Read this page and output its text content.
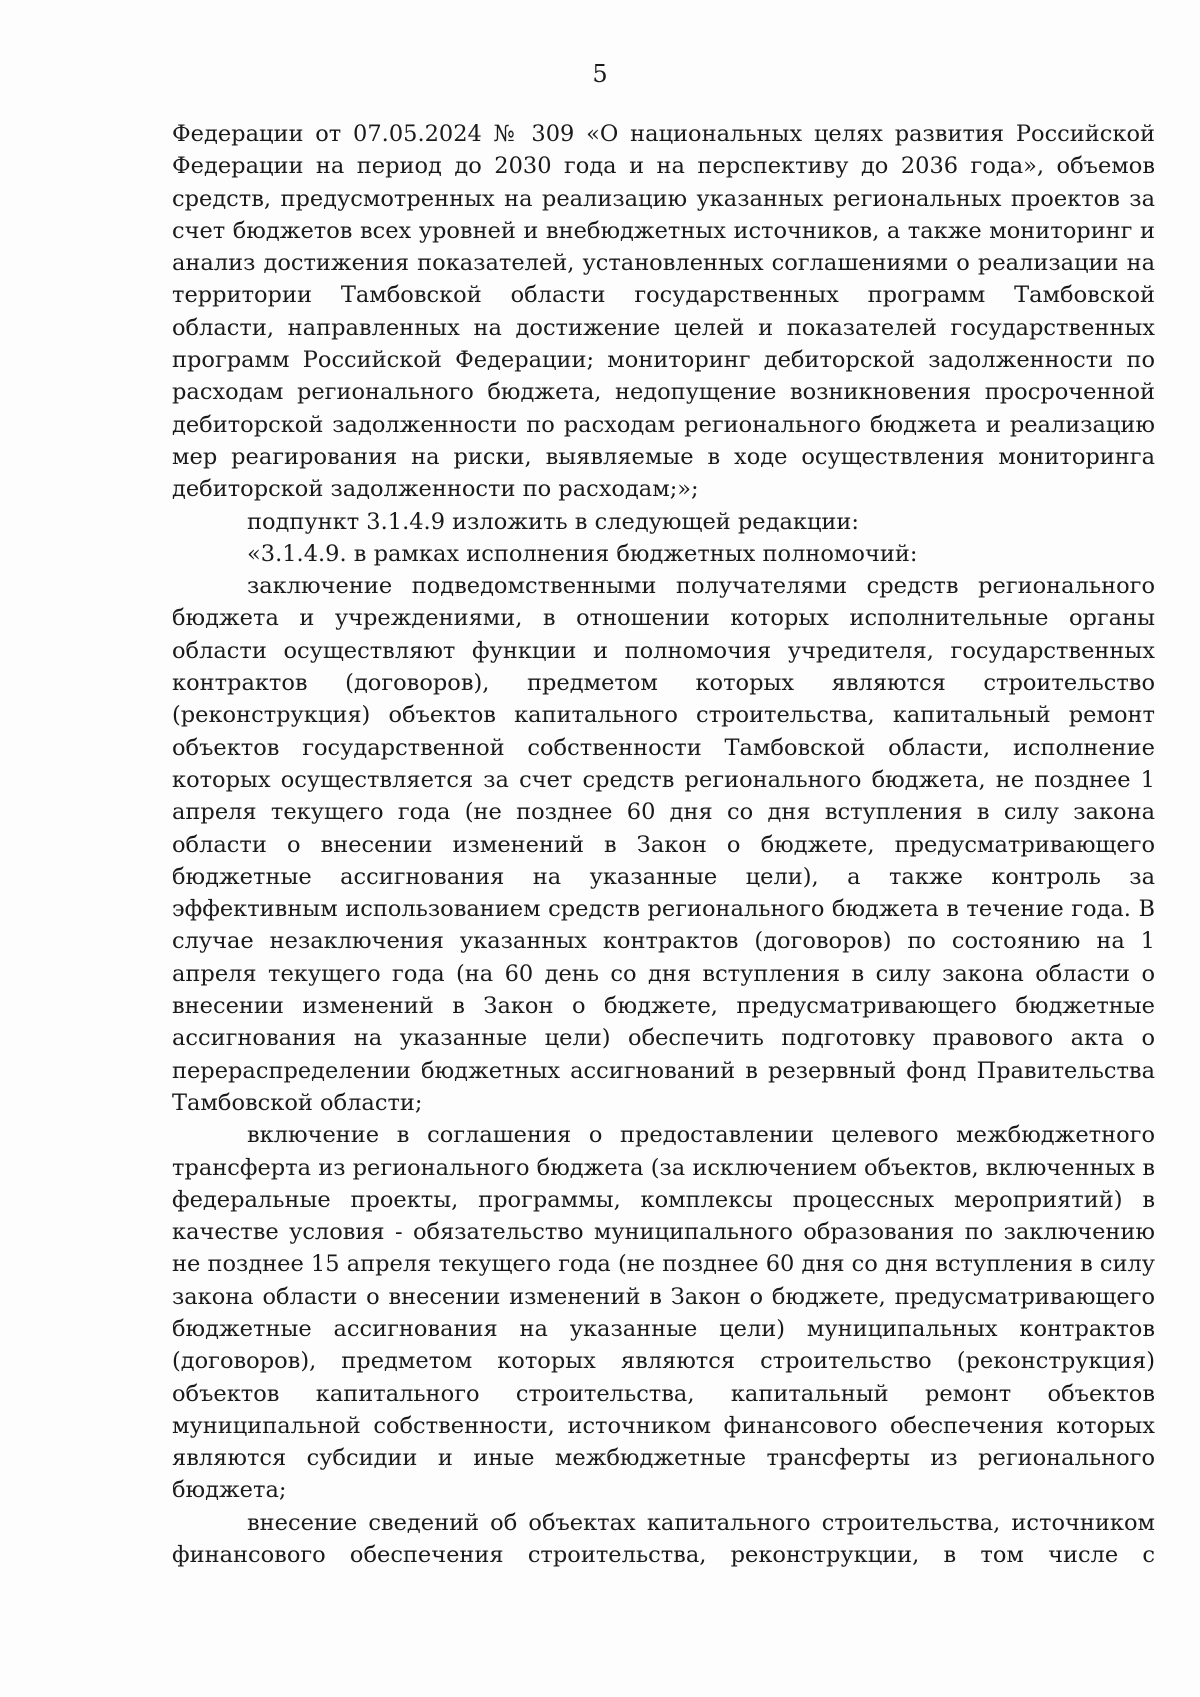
5

Федерации от 07.05.2024 № 309 «О национальных целях развития Российской Федерации на период до 2030 года и на перспективу до 2036 года», объемов средств, предусмотренных на реализацию указанных региональных проектов за счет бюджетов всех уровней и внебюджетных источников, а также мониторинг и анализ достижения показателей, установленных соглашениями о реализации на территории Тамбовской области государственных программ Тамбовской области, направленных на достижение целей и показателей государственных программ Российской Федерации; мониторинг дебиторской задолженности по расходам регионального бюджета, недопущение возникновения просроченной дебиторской задолженности по расходам регионального бюджета и реализацию мер реагирования на риски, выявляемые в ходе осуществления мониторинга дебиторской задолженности по расходам;»;

подпункт 3.1.4.9 изложить в следующей редакции:

«3.1.4.9. в рамках исполнения бюджетных полномочий:

заключение подведомственными получателями средств регионального бюджета и учреждениями, в отношении которых исполнительные органы области осуществляют функции и полномочия учредителя, государственных контрактов (договоров), предметом которых являются строительство (реконструкция) объектов капитального строительства, капитальный ремонт объектов государственной собственности Тамбовской области, исполнение которых осуществляется за счет средств регионального бюджета, не позднее 1 апреля текущего года (не позднее 60 дня со дня вступления в силу закона области о внесении изменений в Закон о бюджете, предусматривающего бюджетные ассигнования на указанные цели), а также контроль за эффективным использованием средств регионального бюджета в течение года. В случае незаключения указанных контрактов (договоров) по состоянию на 1 апреля текущего года (на 60 день со дня вступления в силу закона области о внесении изменений в Закон о бюджете, предусматривающего бюджетные ассигнования на указанные цели) обеспечить подготовку правового акта о перераспределении бюджетных ассигнований в резервный фонд Правительства Тамбовской области;

включение в соглашения о предоставлении целевого межбюджетного трансферта из регионального бюджета (за исключением объектов, включенных в федеральные проекты, программы, комплексы процессных мероприятий) в качестве условия - обязательство муниципального образования по заключению не позднее 15 апреля текущего года (не позднее 60 дня со дня вступления в силу закона области о внесении изменений в Закон о бюджете, предусматривающего бюджетные ассигнования на указанные цели) муниципальных контрактов (договоров), предметом которых являются строительство (реконструкция) объектов капитального строительства, капитальный ремонт объектов муниципальной собственности, источником финансового обеспечения которых являются субсидии и иные межбюджетные трансферты из регионального бюджета;

внесение сведений об объектах капитального строительства, источником финансового обеспечения строительства, реконструкции, в том числе с
